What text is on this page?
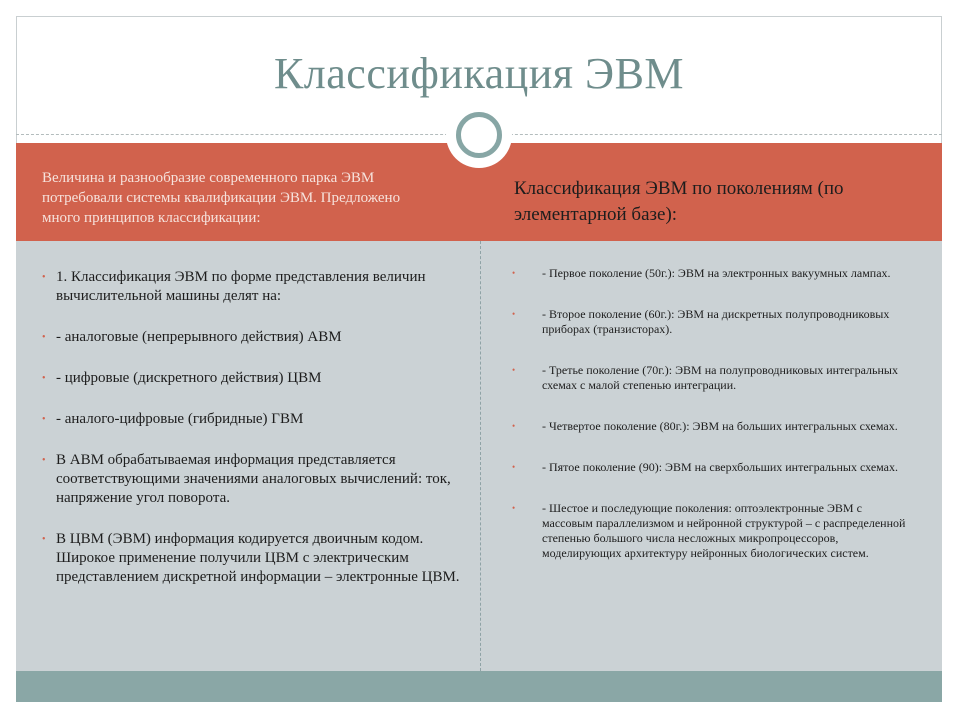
Классификация ЭВМ
Величина и разнообразие современного парка ЭВМ потребовали системы квалификации ЭВМ. Предложено много принципов классификации:
Классификация ЭВМ по поколениям (по элементарной базе):
• 1. Классификация ЭВМ по форме представления величин вычислительной машины делят на:
• - аналоговые (непрерывного действия) АВМ
• - цифровые (дискретного действия) ЦВМ
• - аналого-цифровые (гибридные) ГВМ
• В АВМ обрабатываемая информация представляется соответствующими значениями аналоговых вычислений: ток, напряжение угол поворота.
• В ЦВМ (ЭВМ) информация кодируется двоичным кодом. Широкое применение получили ЦВМ с электрическим представлением дискретной информации – электронные ЦВМ.
• - Первое поколение (50г.): ЭВМ на электронных вакуумных лампах.
• - Второе поколение (60г.): ЭВМ на дискретных полупроводниковых приборах (транзисторах).
• - Третье поколение (70г.): ЭВМ на полупроводниковых интегральных схемах с малой степенью интеграции.
• - Четвертое поколение (80г.): ЭВМ на больших интегральных схемах.
• - Пятое поколение (90): ЭВМ на сверхбольших интегральных схемах.
• - Шестое и последующие поколения: оптоэлектронные ЭВМ с массовым параллелизмом и нейронной структурой – с распределенной степенью большого числа несложных микропроцессоров, моделирующих архитектуру нейронных биологических систем.
